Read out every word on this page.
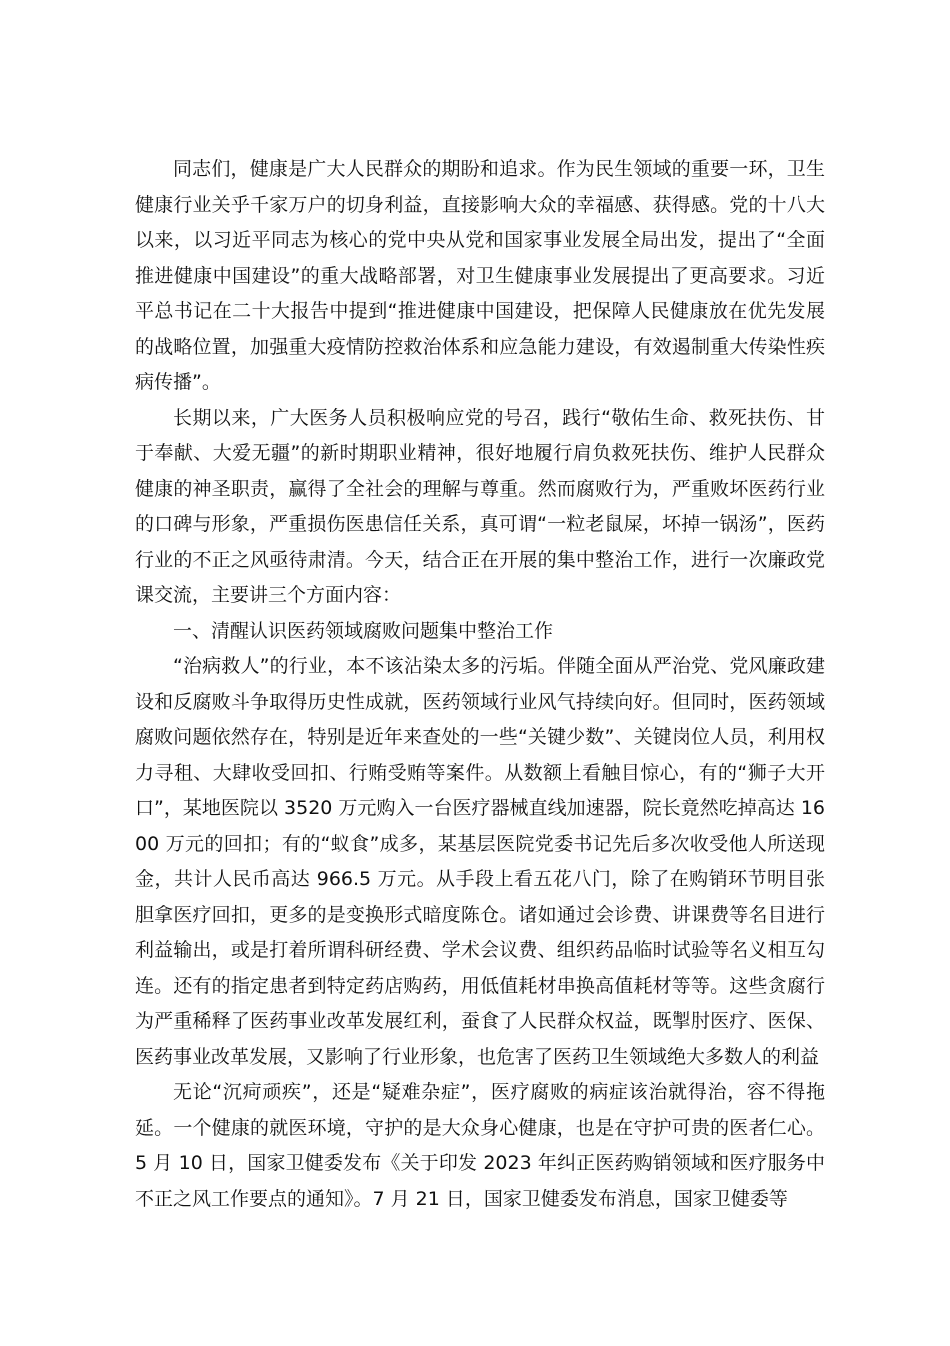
同志们，健康是广大人民群众的期盼和追求。作为民生领域的重要一环，卫生健康行业关乎千家万户的切身利益，直接影响大众的幸福感、获得感。党的十八大以来，以习近平同志为核心的党中央从党和国家事业发展全局出发，提出了“全面推进健康中国建设”的重大战略部署，对卫生健康事业发展提出了更高要求。习近平总书记在二十大报告中提到“推进健康中国建设，把保障人民健康放在优先发展的战略位置，加强重大疫情防控救治体系和应急能力建设，有效遏制重大传染性疾病传播”。

长期以来，广大医务人员积极响应党的号召，践行“敬佑生命、救死扶伤、甘于奉献、大爱无疆”的新时期职业精神，很好地履行肩负救死扶伤、维护人民群众健康的神圣职责，赢得了全社会的理解与尊重。然而腐败行为，严重败坏医药行业的口碑与形象，严重损伤医患信任关系，真可谓“一粒老鼠屎，坏掉一锅汤”，医药行业的不正之风亟待肃清。今天，结合正在开展的集中整治工作，进行一次廉政党课交流，主要讲三个方面内容：

一、清醒认识医药领域腐败问题集中整治工作

“治病救人”的行业，本不该沾染太多的污垢。伴随全面从严治党、党风廉政建设和反腐败斗争取得历史性成就，医药领域行业风气持续向好。但同时，医药领域腐败问题依然存在，特别是近年来查处的一些“关键少数”、关键岗位人员，利用权力寻租、大肆收受回扣、行贿受贿等案件。从数额上看触目惊心，有的“狮子大开口”，某地医院以 3520 万元购入一台医疗器械直线加速器，院长竟然吃掉高达 1600 万元的回扣；有的“蚁食”成多，某基层医院党委书记先后多次收受他人所送现金，共计人民币高达 966.5 万元。从手段上看五花八门，除了在购销环节明目张胆拿医疗回扣，更多的是变换形式暗度陈仓。诸如通过会诊费、讲课费等名目进行利益输出，或是打着所谓科研经费、学术会议费、组织药品临时试验等名义相互勾连。还有的指定患者到特定药店购药，用低值耗材串换高值耗材等等。这些贪腐行为严重稀释了医药事业改革发展红利，蚕食了人民群众权益，既掣肘医疗、医保、医药事业改革发展，又影响了行业形象，也危害了医药卫生领域绝大多数人的利益

无论“沉疴顽疾”，还是“疑难杂症”，医疗腐败的病症该治就得治，容不得拖延。一个健康的就医环境，守护的是大众身心健康，也是在守护可贵的医者仁心。5 月 10 日，国家卫健委发布《关于印发 2023 年纠正医药购销领域和医疗服务中不正之风工作要点的通知》。7 月 21 日，国家卫健委发布消息，国家卫健委等
